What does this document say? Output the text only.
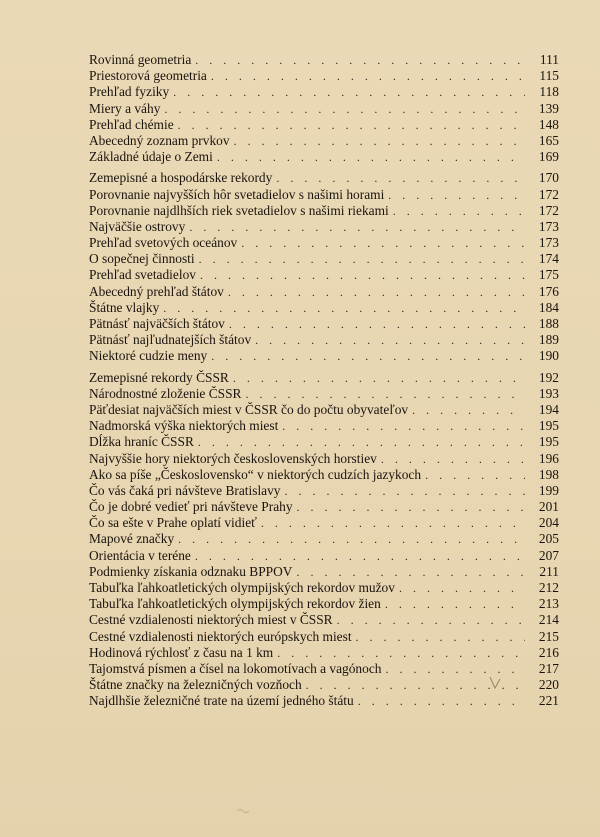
Rovinná geometria . . .	111
Priestorová geometria . . .	115
Prehľad fyziky . . .	118
Miery a váhy . . .	139
Prehľad chémie . . .	148
Abecedný zoznam prvkov . . .	165
Základné údaje o Zemi . . .	169
Zemepisné a hospodárske rekordy . . .	170
Porovnanie najvyšších hôr svetadielov s našimi horami . . .	172
Porovnanie najdlhších riek svetadielov s našimi riekami . . .	172
Najväčšie ostrovy . . .	173
Prehľad svetových oceánov . . .	173
O sopečnej činnosti . . .	174
Prehľad svetadielov . . .	175
Abecedný prehľad štátov . . .	176
Štátne vlajky . . .	184
Pätnásť najväčších štátov . . .	188
Pätnásť najľudnatejších štátov . . .	189
Niektoré cudzie meny . . .	190
Zemepisné rekordy ČSSR . . .	192
Národnostné zloženie ČSSR . . .	193
Päťdesiat najväčších miest v ČSSR čo do počtu obyvateľov . . .	194
Nadmorská výška niektorých miest . . .	195
Dĺžka hraníc ČSSR . . .	195
Najvyššie hory niektorých československých horstiev . . .	196
Ako sa píše „Československo“ v niektorých cudzích jazykoch . . .	198
Čo vás čaká pri návšteve Bratislavy . . .	199
Čo je dobré vedieť pri návšteve Prahy . . .	201
Čo sa ešte v Prahe oplatí vidieť . . .	204
Mapové značky . . .	205
Orientácia v teréne . . .	207
Podmienky získania odznaku BPPOV . . .	211
Tabuľka ľahkoatletických olympijských rekordov mužov . . .	212
Tabuľka ľahkoatletických olympijských rekordov žien . . .	213
Cestné vzdialenosti niektorých miest v ČSSR . . .	214
Cestné vzdialenosti niektorých európskych miest . . .	215
Hodinová rýchlosť z času na 1 km . . .	216
Tajomstvá písmen a čísel na lokomotívach a vagónoch . . .	217
Štátne značky na železničných vozňoch . . .	220
Najdlhšie železničné trate na území jedného štátu . . .	221
